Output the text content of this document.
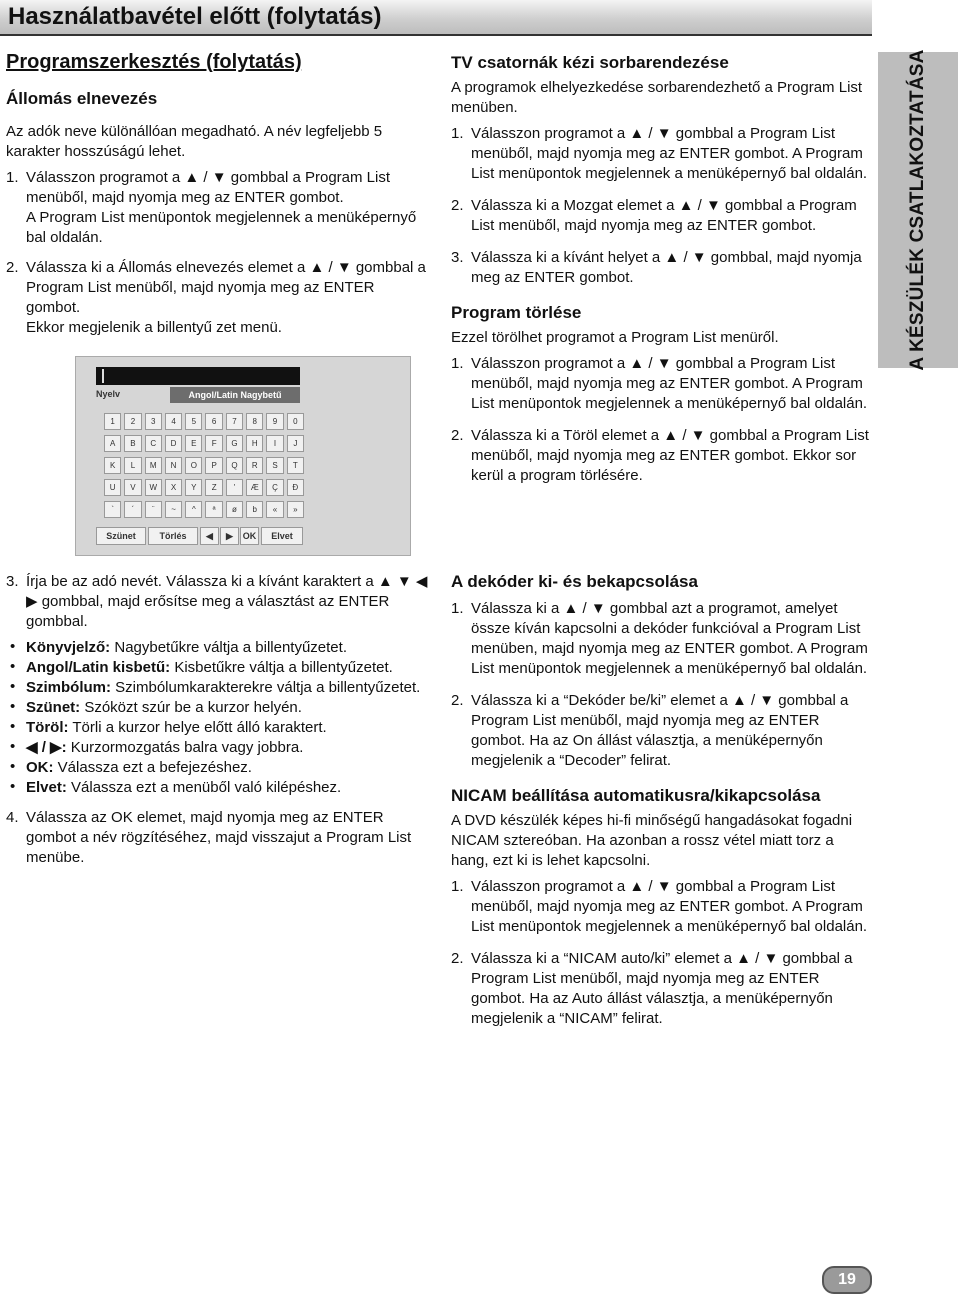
Használatbavétel előtt (folytatás)
A KÉSZÜLÉK CSATLAKOZTATÁSA

Programszerkesztés (folytatás)

Állomás elnevezés

Az adók neve különállóan megadható. A név legfeljebb 5 karakter hosszúságú lehet.

1. Válasszon programot a ▲ / ▼ gombbal a Program List menüből, majd nyomja meg az ENTER gombot.

A Program List menüpontok megjelennek a menüképernyő bal oldalán.

2. Válassza ki a Állomás elnevezés elemet a ▲ / ▼ gombbal a Program List menüből, majd nyomja meg az ENTER gombot.

Ekkor megjelenik a billentyű zet menü.

Nyelv	Angol/Latin Nagybetű
1	2	3	4	5	6	7	8	9	0
A	B	C	D	E	F	G	H	I	J
K	L	M	N	O	P	Q	R	S	T
U	V	W	X	Y	Z	'	Æ	Ç	Ð
`	´	¨	~	^	ª	ø	b	«	»
Szünet	Törlés	◀	▶	OK	Elvet
3. Írja be az adó nevét. Válassza ki a kívánt karaktert a ▲ ▼ ◀ ▶ gombbal, majd erősítse meg a választást az ENTER gombbal.

• Könyvjelző: Nagybetűkre váltja a billentyűzetet.
• Angol/Latin kisbetű: Kisbetűkre váltja a billentyűzetet.
• Szimbólum: Szimbólumkarakterekre váltja a billentyűzetet.
• Szünet: Szóközt szúr be a kurzor helyén.
• Töröl: Törli a kurzor helye előtt álló karaktert.
• ◀ / ▶: Kurzormozgatás balra vagy jobbra.
• OK: Válassza ezt a befejezéshez.
• Elvet: Válassza ezt a menüből való kilépéshez.
4. Válassza az OK elemet, majd nyomja meg az ENTER gombot a név rögzítéséhez, majd visszajut a Program List menübe.

TV csatornák kézi sorbarendezése

A programok elhelyezkedése sorbarendezhető a Program List menüben.

1. Válasszon programot a ▲ / ▼ gombbal a Program List menüből, majd nyomja meg az ENTER gombot. A Program List menüpontok megjelennek a menüképernyő bal oldalán.

2. Válassza ki a Mozgat elemet a ▲ / ▼ gombbal a Program List menüből, majd nyomja meg az ENTER gombot.

3. Válassza ki a kívánt helyet a ▲ / ▼ gombbal, majd nyomja meg az ENTER gombot.

Program törlése

Ezzel törölhet programot a Program List menüről.

1. Válasszon programot a ▲ / ▼ gombbal a Program List menüből, majd nyomja meg az ENTER gombot. A Program List menüpontok megjelennek a menüképernyő bal oldalán.

2. Válassza ki a Töröl elemet a ▲ / ▼ gombbal a Program List menüből, majd nyomja meg az ENTER gombot. Ekkor sor kerül a program törlésére.

A dekóder ki- és bekapcsolása

1. Válassza ki a ▲ / ▼ gombbal azt a programot, amelyet össze kíván kapcsolni a dekóder funkcióval a Program List menüben, majd nyomja meg az ENTER gombot. A Program List menüpontok megjelennek a menüképernyő bal oldalán.

2. Válassza ki a “Dekóder be/ki” elemet a ▲ / ▼ gombbal a Program List menüből, majd nyomja meg az ENTER gombot. Ha az On állást választja, a menüképernyőn megjelenik a “Decoder” felirat.

NICAM beállítása automatikusra/kikapcsolása

A DVD készülék képes hi-fi minőségű hangadásokat fogadni NICAM sztereóban. Ha azonban a rossz vétel miatt torz a hang, ezt ki is lehet kapcsolni.

1. Válasszon programot a ▲ / ▼ gombbal a Program List menüből, majd nyomja meg az ENTER gombot. A Program List menüpontok megjelennek a menüképernyő bal oldalán.

2. Válassza ki a “NICAM auto/ki” elemet a ▲ / ▼ gombbal a Program List menüből, majd nyomja meg az ENTER gombot. Ha az Auto állást választja, a menüképernyőn megjelenik a “NICAM” felirat.

19
